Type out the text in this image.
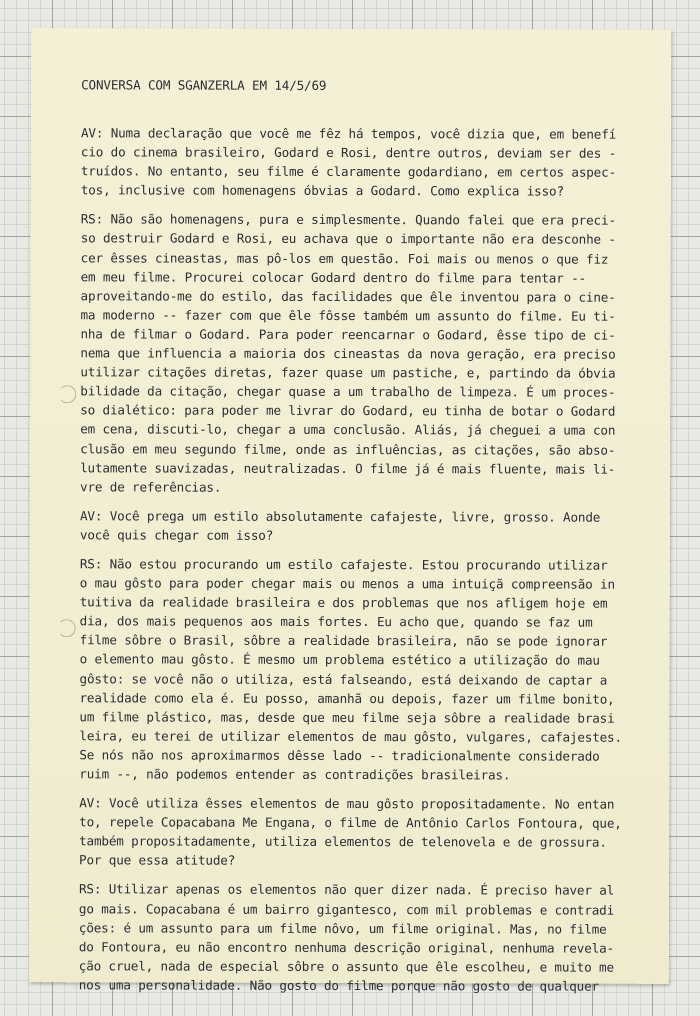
CONVERSA COM SGANZERLA EM 14/5/69
AV: Numa declaração que você me fêz há tempos, você dizia que, em benefí
cio do cinema brasileiro, Godard e Rosi, dentre outros, deviam ser des -
truídos. No entanto, seu filme é claramente godardiano, em certos aspec-
tos, inclusive com homenagens óbvias a Godard. Como explica isso?
RS: Não são homenagens, pura e simplesmente. Quando falei que era preci-
so destruir Godard e Rosi, eu achava que o importante não era desconhe -
cer êsses cineastas, mas pô-los em questão. Foi mais ou menos o que fiz
em meu filme. Procurei colocar Godard dentro do filme para tentar --
aproveitando-me do estilo, das facilidades que êle inventou para o cine-
ma moderno -- fazer com que êle fôsse também um assunto do filme. Eu ti-
nha de filmar o Godard. Para poder reencarnar o Godard, êsse tipo de ci-
nema que influencia a maioria dos cineastas da nova geração, era preciso
utilizar citações diretas, fazer quase um pastiche, e, partindo da óbvia
bilidade da citação, chegar quase a um trabalho de limpeza. É um proces-
so dialético: para poder me livrar do Godard, eu tinha de botar o Godard
em cena, discuti-lo, chegar a uma conclusão. Aliás, já cheguei a uma con
clusão em meu segundo filme, onde as influências, as citações, são abso-
lutamente suavizadas, neutralizadas. O filme já é mais fluente, mais li-
vre de referências.
AV: Você prega um estilo absolutamente cafajeste, livre, grosso. Aonde
você quis chegar com isso?
RS: Não estou procurando um estilo cafajeste. Estou procurando utilizar
o mau gôsto para poder chegar mais ou menos a uma intuiçã compreensão in
tuitiva da realidade brasileira e dos problemas que nos afligem hoje em
dia, dos mais pequenos aos mais fortes. Eu acho que, quando se faz um
filme sôbre o Brasil, sôbre a realidade brasileira, não se pode ignorar
o elemento mau gôsto. É mesmo um problema estético a utilização do mau
gôsto: se você não o utiliza, está falseando, está deixando de captar a
realidade como ela é. Eu posso, amanhã ou depois, fazer um filme bonito,
um filme plástico, mas, desde que meu filme seja sôbre a realidade brasi
leira, eu terei de utilizar elementos de mau gôsto, vulgares, cafajestes.
Se nós não nos aproximarmos dêsse lado -- tradicionalmente considerado
ruim --, não podemos entender as contradições brasileiras.
AV: Você utiliza êsses elementos de mau gôsto propositadamente. No entan
to, repele Copacabana Me Engana, o filme de Antônio Carlos Fontoura, que,
também propositadamente, utiliza elementos de telenovela e de grossura.
Por que essa atitude?
RS: Utilizar apenas os elementos não quer dizer nada. É preciso haver al
go mais. Copacabana é um bairro gigantesco, com mil problemas e contradi
ções: é um assunto para um filme nôvo, um filme original. Mas, no filme
do Fontoura, eu não encontro nenhuma descrição original, nenhuma revela-
ção cruel, nada de especial sôbre o assunto que êle escolheu, e muito me
nos uma personalidade. Não gosto do filme porque não gosto de qualquer
